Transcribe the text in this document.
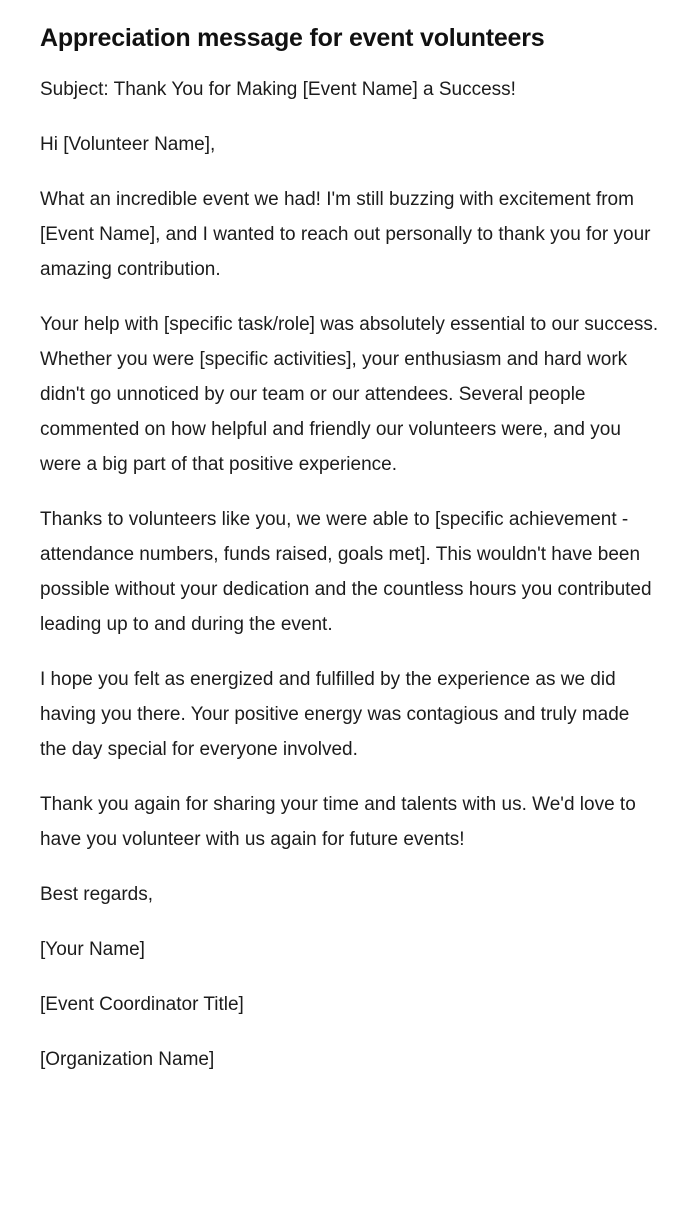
Appreciation message for event volunteers

Subject: Thank You for Making [Event Name] a Success!

Hi [Volunteer Name],

What an incredible event we had! I'm still buzzing with excitement from [Event Name], and I wanted to reach out personally to thank you for your amazing contribution.

Your help with [specific task/role] was absolutely essential to our success. Whether you were [specific activities], your enthusiasm and hard work didn't go unnoticed by our team or our attendees. Several people commented on how helpful and friendly our volunteers were, and you were a big part of that positive experience.

Thanks to volunteers like you, we were able to [specific achievement - attendance numbers, funds raised, goals met]. This wouldn't have been possible without your dedication and the countless hours you contributed leading up to and during the event.

I hope you felt as energized and fulfilled by the experience as we did having you there. Your positive energy was contagious and truly made the day special for everyone involved.

Thank you again for sharing your time and talents with us. We'd love to have you volunteer with us again for future events!

Best regards,

[Your Name]

[Event Coordinator Title]

[Organization Name]
